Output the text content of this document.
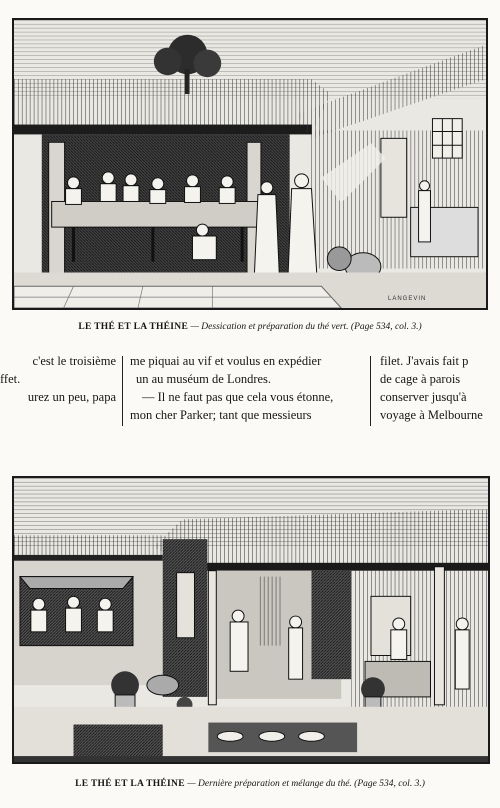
LANGEVIN
LE THÉ ET LA THÉINE — Dessication et préparation du thé vert. (Page 534, col. 3.)

c'est le troisième

ffet.

urez un peu, papa

me piquai au vif et voulus en expédier

un au muséum de Londres.

— Il ne faut pas que cela vous étonne,

mon cher Parker; tant que messieurs

filet. J'avais fait p

de cage à parois

conserver jusqu'à

voyage à Melbourne

LE THÉ ET LA THÉINE — Dernière préparation et mélange du thé. (Page 534, col. 3.)
